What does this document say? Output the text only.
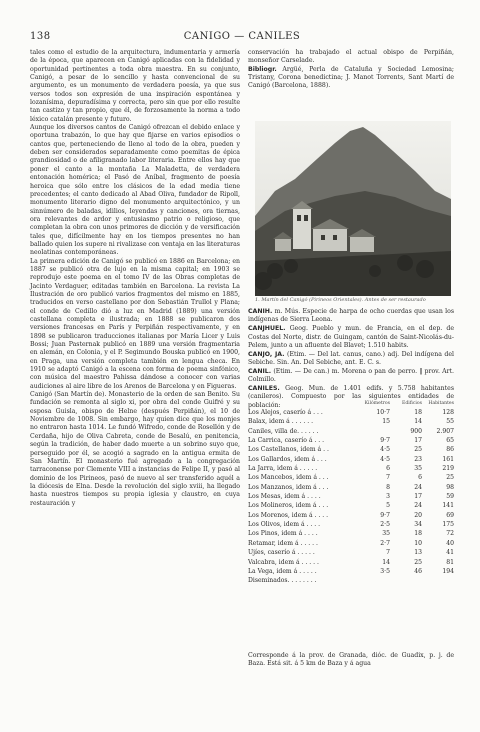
138	CANIGO — CANILES

tales como el estudio de la arquitectura, indumentaria y armería de la época, que aparecen en Canigó aplicadas con la fidelidad y oportunidad pertinentes a toda obra maestra. En su conjunto, Canigó, a pesar de lo sencillo y hasta convencional de su argumento, es un monumento de verdadera poesía, ya que sus versos todos son expresión de una inspiración espontánea y lozanísima, depuradísima y correcta, pero sin que por ello resulte tan castizo y tan propio, que él, de forzosamente la norma a todo léxico catalán presente y futuro.

Aunque los diversos cantos de Canigó ofrezcan el debido enlace y oportuna trabazón, lo que hay que fijarse en varios episodios o cantos que, perteneciendo de lleno al todo de la obra, pueden y deben ser considerados separadamente como poemitas de épica grandiosidad o de afiligranado labor literaria. Entre ellos hay que poner el canto a la montaña La Maladetta, de verdadera entonación homérica; el Pasó de Aníbal, fragmento de poesía heroica que sólo entre los clásicos de la edad media tiene precedentes; el canto dedicado al Abad Oliva, fundador de Ripoll, monumento literario digno del monumento arquitectónico, y un sinnúmero de baladas, idilios, leyendas y canciones, ora tiernas, ora relevantes de ardor y entusiasmo patrio o religioso, que completan la obra con unos primores de dicción y de versificación tales que, difícilmente hay en los tiempos presentes no han ballado quien los supere ni rivalizase con ventaja en las literaturas neolatinas contemporáneas.

La primera edición de Canigó se publicó en 1886 en Barcelona; en 1887 se publicó otra de lujo en la misma capital; en 1903 se reprodujo este poema en el tomo IV de las Obras completas de Jacinto Verdaguer, editadas también en Barcelona. La revista La Ilustración de oro publicó varios fragmentos del mismo en 1885, traducidos en verso castellano por don Sebastián Trullol y Plana; el conde de Cedillo dió a luz en Madrid (1889) una versión castellana completa e ilustrada; en 1888 se publicaron dos versiones francesas en París y Perpiñán respectivamente, y en 1898 se publicaron traducciones italianas por María Licer y Luis Bossi; Juan Pasternak publicó en 1889 una versión fragmentaria en alemán, en Colonia, y el P. Segimundo Bouska publicó en 1900, en Praga, una versión completa también en lengua checa. En 1910 se adaptó Canigó a la escena con forma de poema sinfónico, con música del maestro Pahissa dándose a conocer con varias audiciones al aire libre de los Arenos de Barcelona y en Figueras.

Canigó (San Martín de). Monasterio de la orden de san Benito. Su fundación se remonta al siglo xi, por obra del conde Guifré y su esposa Guisla, obispo de Helne (después Perpiñán), el 10 de Noviembre de 1008. Sin embargo, hay quien dice que los monjes no entraron hasta 1014. Le fundó Wifredo, conde de Rosellón y de Cerdaña, hijo de Oliva Cabreta, conde de Besalú, en penitencia, según la tradición, de haber dado muerte a un sobrino suyo que, perseguido por él, se acogió a sagrado en la antigua ermita de San Martín. El monasterio fué agregado a la congregación tarraconense por Clemente VIII a instancias de Felipe II, y pasó al dominio de los Pirineos, pasó de nuevo al ser transferido aquél a la diócesis de Elna. Desde la revolución del siglo xviii, ha llegado hasta nuestros tiempos su propia iglesia y claustro, en cuya restauración y

conservación ha trabajado el actual obispo de Perpiñán, monseñor Carselade.

Bibliogr. Argüé, Perla de Cataluña y Sociedad Lemosina; Tristany, Corona benedictina; J. Manot Torrents, Sant Martí de Canigó (Barcelona, 1888).

1. Martín del Canigó (Pirineos Orientales). Antes de ser restaurado

CANIH. m. Mús. Especie de harpa de ocho cuerdas que usan los indígenas de Sierra Leona.

CANJHUEL. Geog. Pueblo y mun. de Francia, en el dep. de Costas del Norte, distr. de Guingam, cantón de Saint-Nicolás-du-Pelem, junto a un afluente del Blavet; 1.510 habits.

CANJO, JA. (Etim. — Del lat. canus, cano.) adj. Del indígena del Sebiche. Sin. An. Del Sebiche, ant. E. C. s.

CANIL. (Etim. — De can.) m. Morena o pan de perro. ‖ prov. Art. Colmillo.

CANILES. Geog. Mun. de 1.401 edifs. y 5.758 habitantes (canileros). Compuesto por las siguientes entidades de población:

		Kilómetros	Edificios	Habitantes
Los Alejos, caserío á . . .	10·7	18	128
Balax, idem á . . . . . .	15	14	55
Caniles, villa de. . . . . .		900	2.907
La Carrica, caserío á . . .	9·7	17	65
Los Castellanos, idem á . .	4·5	25	86
Los Gallardos, idem á . . .	4·5	23	161
La Jarra, idem á . . . . .	6	35	219
Los Mancebos, idem á . . .	7	6	25
Los Manzanos, idem á . . .	8	24	98
Los Mesas, idem á . . . .	3	17	59
Los Molineros, idem á . . .	5	24	141
Los Morenos, idem á . . . .	9·7	20	69
Los Olivos, idem á . . . .	2·5	34	175
Los Pinos, idem á . . . .	35	18	72
Retamar, idem á . . . . .	2·7	10	40
Ujíes, caserío á . . . . .	7	13	41
Valcabra, idem á . . . . .	14	25	81
La Vega, idem á . . . . .	3·5	46	194
Diseminados. . . . . . . .			
Corresponde á la prov. de Granada, dióc. de Guadix, p. j. de Baza. Está sit. á 5 km de Baza y á agua
